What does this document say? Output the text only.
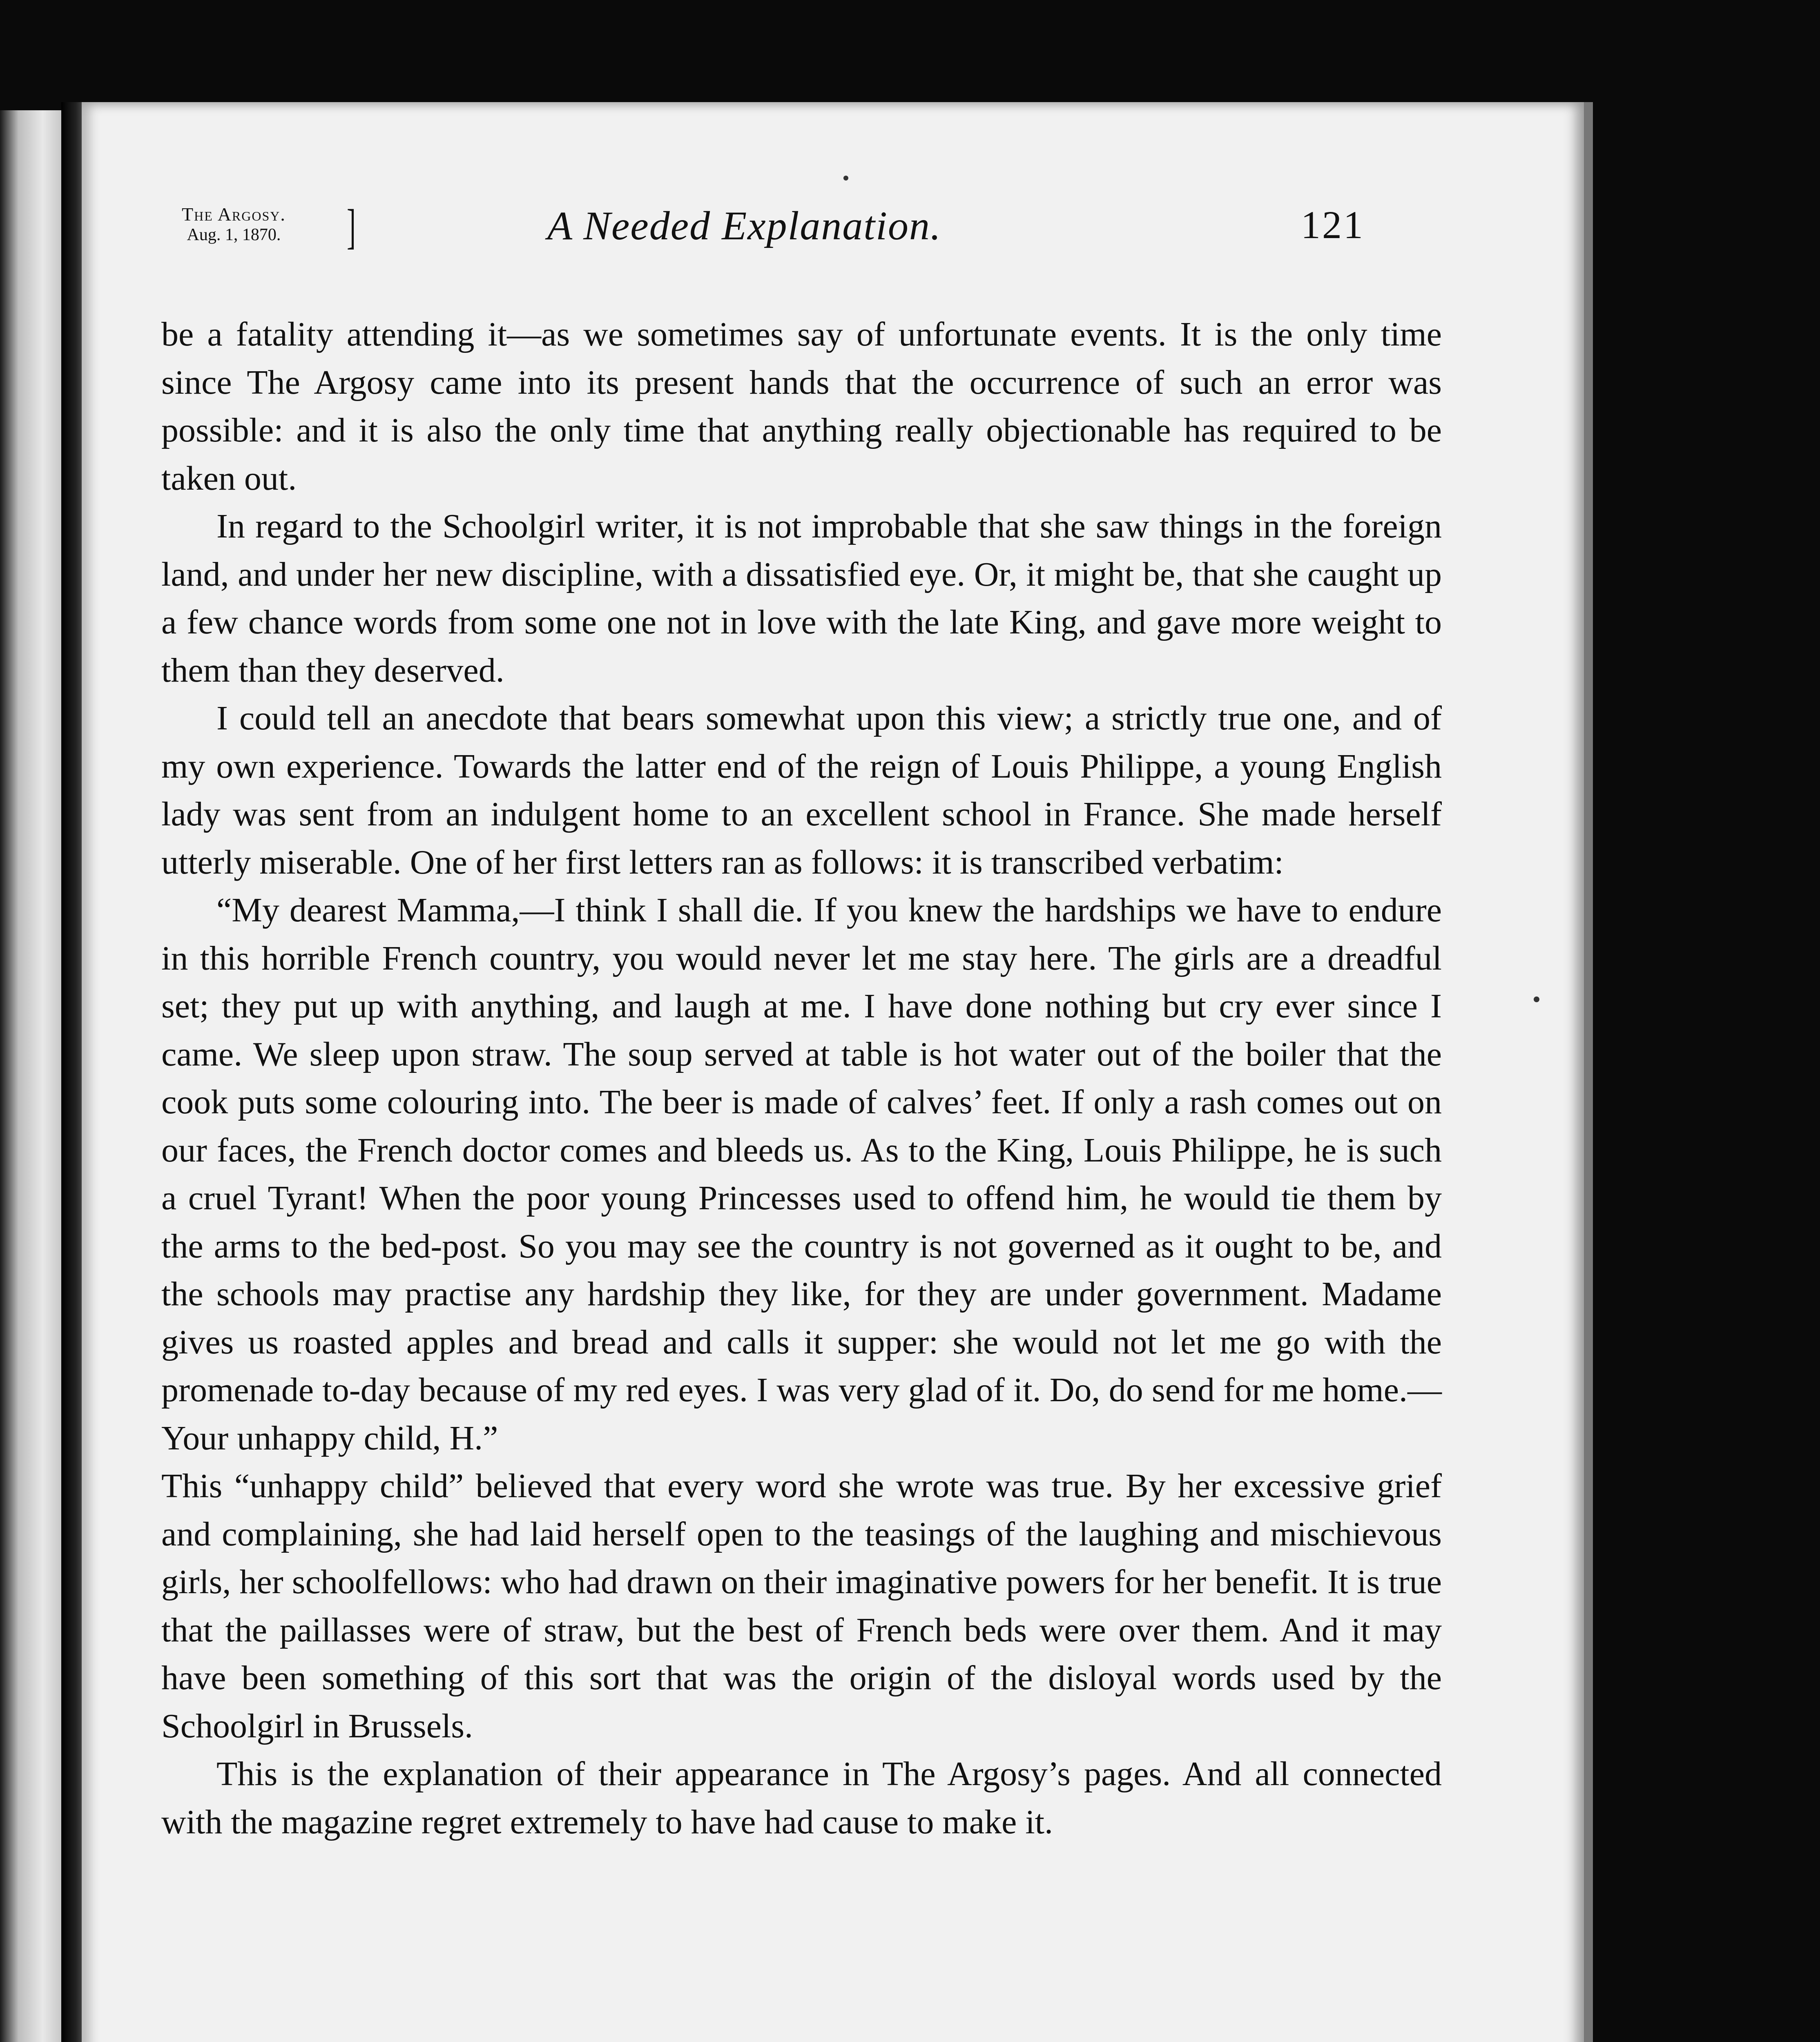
The Argosy.
Aug. 1, 1870. ]	A Needed Explanation.	121

be a fatality attending it—as we sometimes say of unfortunate events. It is the only time since The Argosy came into its present hands that the occurrence of such an error was possible: and it is also the only time that anything really objectionable has required to be taken out.

In regard to the Schoolgirl writer, it is not improbable that she saw things in the foreign land, and under her new discipline, with a dissatisfied eye. Or, it might be, that she caught up a few chance words from some one not in love with the late King, and gave more weight to them than they deserved.

I could tell an anecdote that bears somewhat upon this view; a strictly true one, and of my own experience. Towards the latter end of the reign of Louis Philippe, a young English lady was sent from an indulgent home to an excellent school in France. She made herself utterly miserable. One of her first letters ran as follows: it is transcribed verbatim:

“My dearest Mamma,—I think I shall die. If you knew the hardships we have to endure in this horrible French country, you would never let me stay here. The girls are a dreadful set; they put up with anything, and laugh at me. I have done nothing but cry ever since I came. We sleep upon straw. The soup served at table is hot water out of the boiler that the cook puts some colouring into. The beer is made of calves’ feet. If only a rash comes out on our faces, the French doctor comes and bleeds us. As to the King, Louis Philippe, he is such a cruel Tyrant! When the poor young Princesses used to offend him, he would tie them by the arms to the bed-post. So you may see the country is not governed as it ought to be, and the schools may practise any hardship they like, for they are under government. Madame gives us roasted apples and bread and calls it supper: she would not let me go with the promenade to-day because of my red eyes. I was very glad of it. Do, do send for me home.—Your unhappy child, H.”

This “unhappy child” believed that every word she wrote was true. By her excessive grief and complaining, she had laid herself open to the teasings of the laughing and mischievous girls, her schoolfellows: who had drawn on their imaginative powers for her benefit. It is true that the paillasses were of straw, but the best of French beds were over them. And it may have been something of this sort that was the origin of the disloyal words used by the Schoolgirl in Brussels.

This is the explanation of their appearance in The Argosy’s pages. And all connected with the magazine regret extremely to have had cause to make it.
